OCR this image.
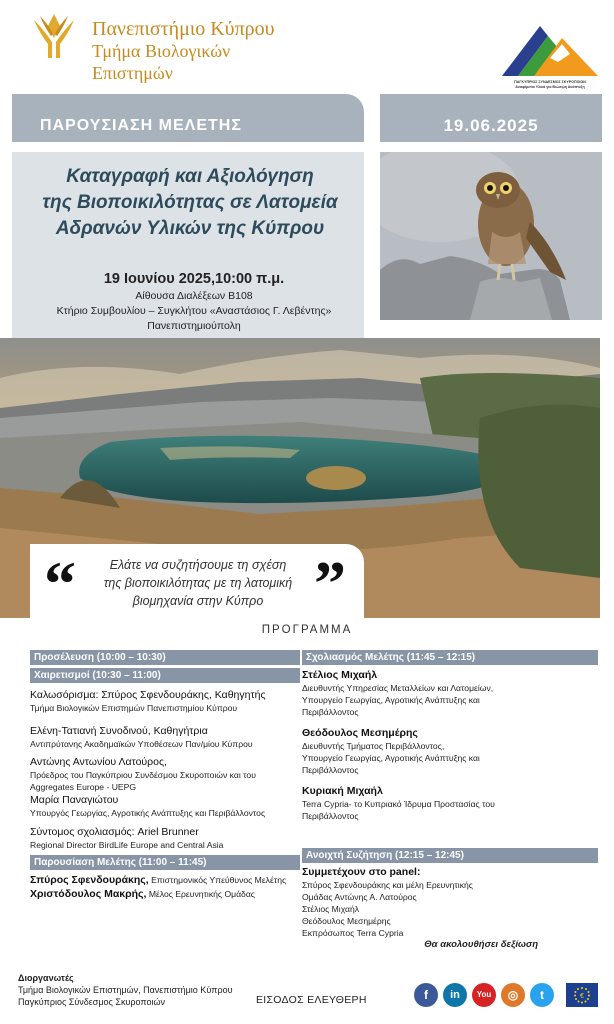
Πανεπιστήμιο Κύπρου
Τμήμα Βιολογικών
Επιστημών	ΠΑΓΚΥΠΡΙΟΣ ΣΥΝΔΕΣΜΟΣ ΣΚΥΡΟΠΟΙΩΝ
Αναφέρεται Υλικά για Βιώσιμη Ανάπτυξη
ΠΑΡΟΥΣΙΑΣΗ ΜΕΛΕΤΗΣ	19.06.2025
Καταγραφή και Αξιολόγηση
της Βιοποικιλότητας σε Λατομεία
Αδρανών Υλικών της Κύπρου
19 Ιουνίου 2025,10:00 π.μ.
Αίθουσα Διαλέξεων Β108
Κτήριο Συμβουλίου – Συγκλήτου «Αναστάσιος Γ. Λεβέντης»
Πανεπιστημιούπολη
“	”
Ελάτε να συζητήσουμε τη σχέση
της βιοποικιλότητας με τη λατομική
βιομηχανία στην Κύπρο
ΠΡΟΓΡΑΜΜΑ
Προσέλευση (10:00 – 10:30)
Χαιρετισμοί (10:30 – 11:00)
Καλωσόρισμα: Σπύρος Σφενδουράκης, Καθηγητής
Τμήμα Βιολογικών Επιστημών Πανεπιστημίου Κύπρου
Ελένη-Τατιανή Συνοδινού, Καθηγήτρια
Αντιπρύτανης Ακαδημαϊκών Υποθέσεων Παν/μίου Κύπρου
Αντώνης Αντωνίου Λατούρος,
Πρόεδρος του Παγκύπριου Συνδέσμου Σκυροποιών και του
Aggregates Europe - UEPG
Μαρία Παναγιώτου
Υπουργός Γεωργίας, Αγροτικής Ανάπτυξης και Περιβάλλοντος
Σύντομος σχολιασμός: Ariel Brunner
Regional Director BirdLife Europe and Central Asia
Παρουσίαση Μελέτης (11:00 – 11:45)
Σπύρος Σφενδουράκης, Επιστημονικός Υπεύθυνος Μελέτης
Χριστόδουλος Μακρής, Μέλος Ερευνητικής Ομάδας
Σχολιασμός Μελέτης (11:45 – 12:15)
Στέλιος Μιχαήλ
Διευθυντής Υπηρεσίας Μεταλλείων και Λατομείων,
Υπουργείο Γεωργίας, Αγροτικής Ανάπτυξης και
Περιβάλλοντος
Θεόδουλος Μεσημέρης
Διευθυντής Τμήματος Περιβάλλοντος,
Υπουργείο Γεωργίας, Αγροτικής Ανάπτυξης και
Περιβάλλοντος
Κυριακή Μιχαήλ
Terra Cypria- το Κυπριακό Ίδρυμα Προστασίας του
Περιβάλλοντος
Ανοιχτή Συζήτηση (12:15 – 12:45)
Συμμετέχουν στο panel:
Σπύρος Σφενδουράκης και μέλη Ερευνητικής
Ομάδας Αντώνης Α. Λατούρος
Στέλιος Μιχαήλ
Θεόδουλος Μεσημέρης
Εκπρόσωπος Terra Cypria
Θα ακολουθήσει δεξίωση
Διοργανωτές
Τμήμα Βιολογικών Επιστημών, Πανεπιστήμιο Κύπρου
Παγκύπριος Σύνδεσμος Σκυροποιών	ΕΙΣΟΔΟΣ ΕΛΕΥΘΕΡΗ	f	in	You	◎	t	€
